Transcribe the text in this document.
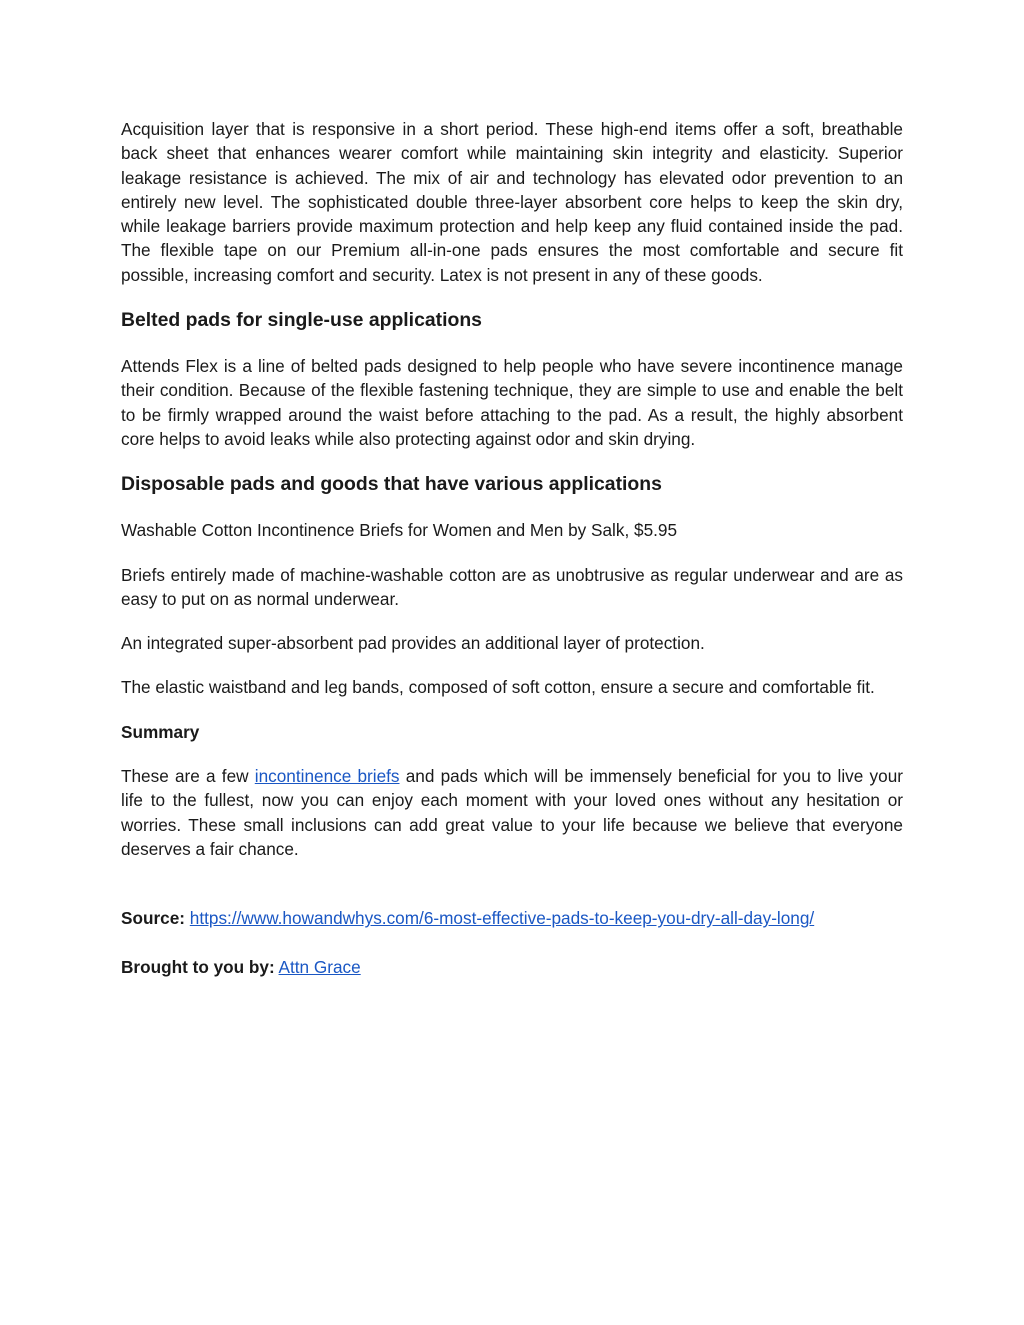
Acquisition layer that is responsive in a short period. These high-end items offer a soft, breathable back sheet that enhances wearer comfort while maintaining skin integrity and elasticity. Superior leakage resistance is achieved. The mix of air and technology has elevated odor prevention to an entirely new level. The sophisticated double three-layer absorbent core helps to keep the skin dry, while leakage barriers provide maximum protection and help keep any fluid contained inside the pad. The flexible tape on our Premium all-in-one pads ensures the most comfortable and secure fit possible, increasing comfort and security. Latex is not present in any of these goods.

Belted pads for single-use applications

Attends Flex is a line of belted pads designed to help people who have severe incontinence manage their condition. Because of the flexible fastening technique, they are simple to use and enable the belt to be firmly wrapped around the waist before attaching to the pad. As a result, the highly absorbent core helps to avoid leaks while also protecting against odor and skin drying.

Disposable pads and goods that have various applications

Washable Cotton Incontinence Briefs for Women and Men by Salk, $5.95

Briefs entirely made of machine-washable cotton are as unobtrusive as regular underwear and are as easy to put on as normal underwear.

An integrated super-absorbent pad provides an additional layer of protection.

The elastic waistband and leg bands, composed of soft cotton, ensure a secure and comfortable fit.

Summary

These are a few incontinence briefs and pads which will be immensely beneficial for you to live your life to the fullest, now you can enjoy each moment with your loved ones without any hesitation or worries. These small inclusions can add great value to your life because we believe that everyone deserves a fair chance.

Source: https://www.howandwhys.com/6-most-effective-pads-to-keep-you-dry-all-day-long/

Brought to you by: Attn Grace
